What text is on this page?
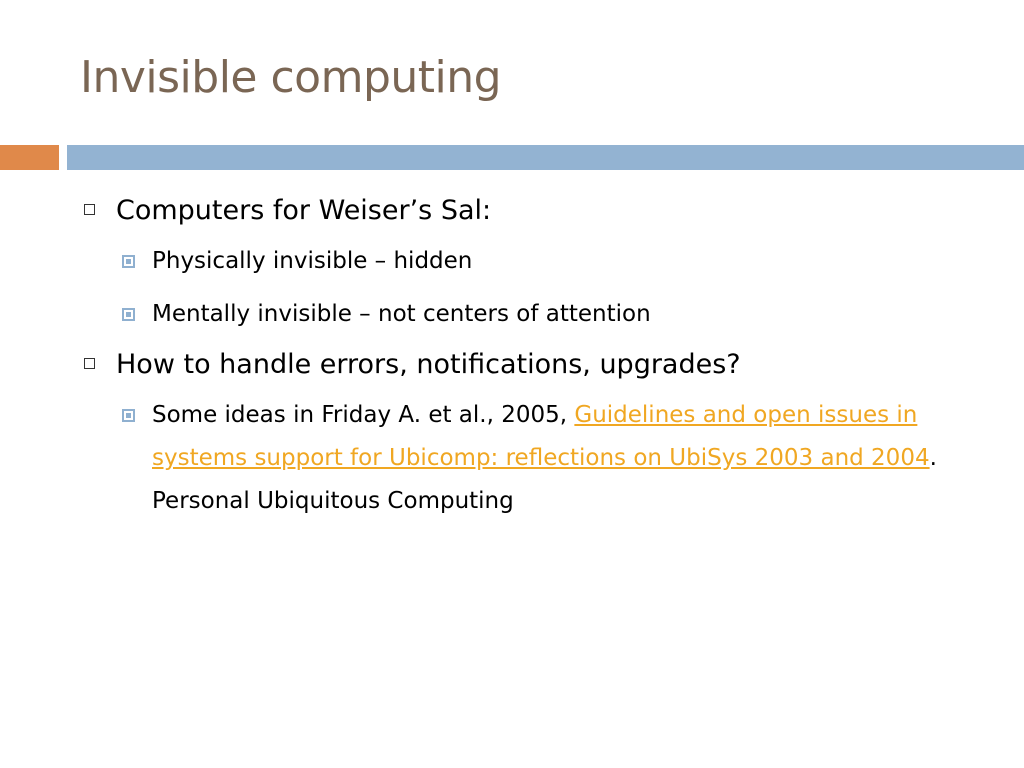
Invisible computing
Computers for Weiser’s Sal:
Physically invisible – hidden
Mentally invisible – not centers of attention
How to handle errors, notifications, upgrades?
Some ideas in Friday A. et al., 2005, Guidelines and open issues in systems support for Ubicomp: reflections on UbiSys 2003 and 2004. Personal Ubiquitous Computing
